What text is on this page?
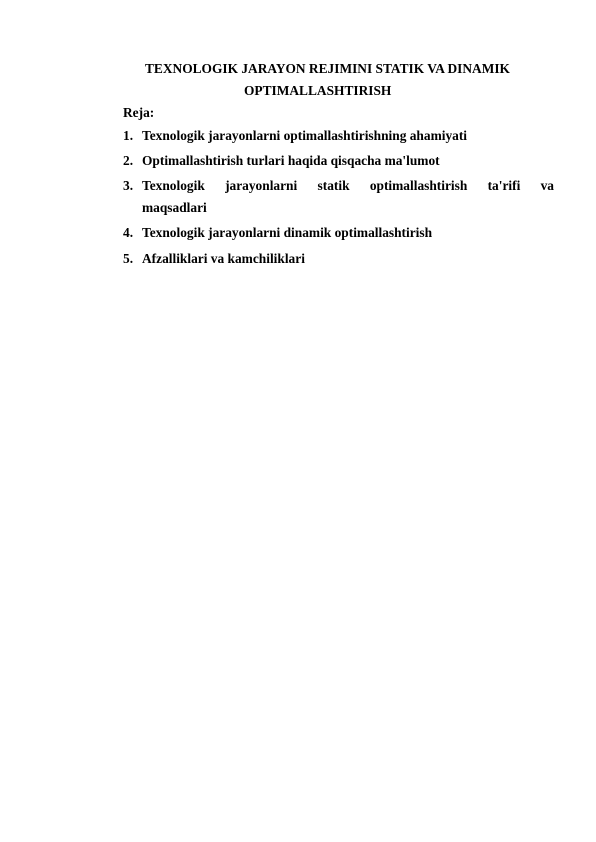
TEXNOLOGIK JARAYON REJIMINI STATIK VA DINAMIK
OPTIMALLASHTIRISH
Reja:
1. Texnologik jarayonlarni optimallashtirishning ahamiyati
2. Optimallashtirish turlari haqida qisqacha ma'lumot
3. Texnologik jarayonlarni statik optimallashtirish ta'rifi va
maqsadlari
4. Texnologik jarayonlarni dinamik optimallashtirish
5. Afzalliklari va kamchiliklari
